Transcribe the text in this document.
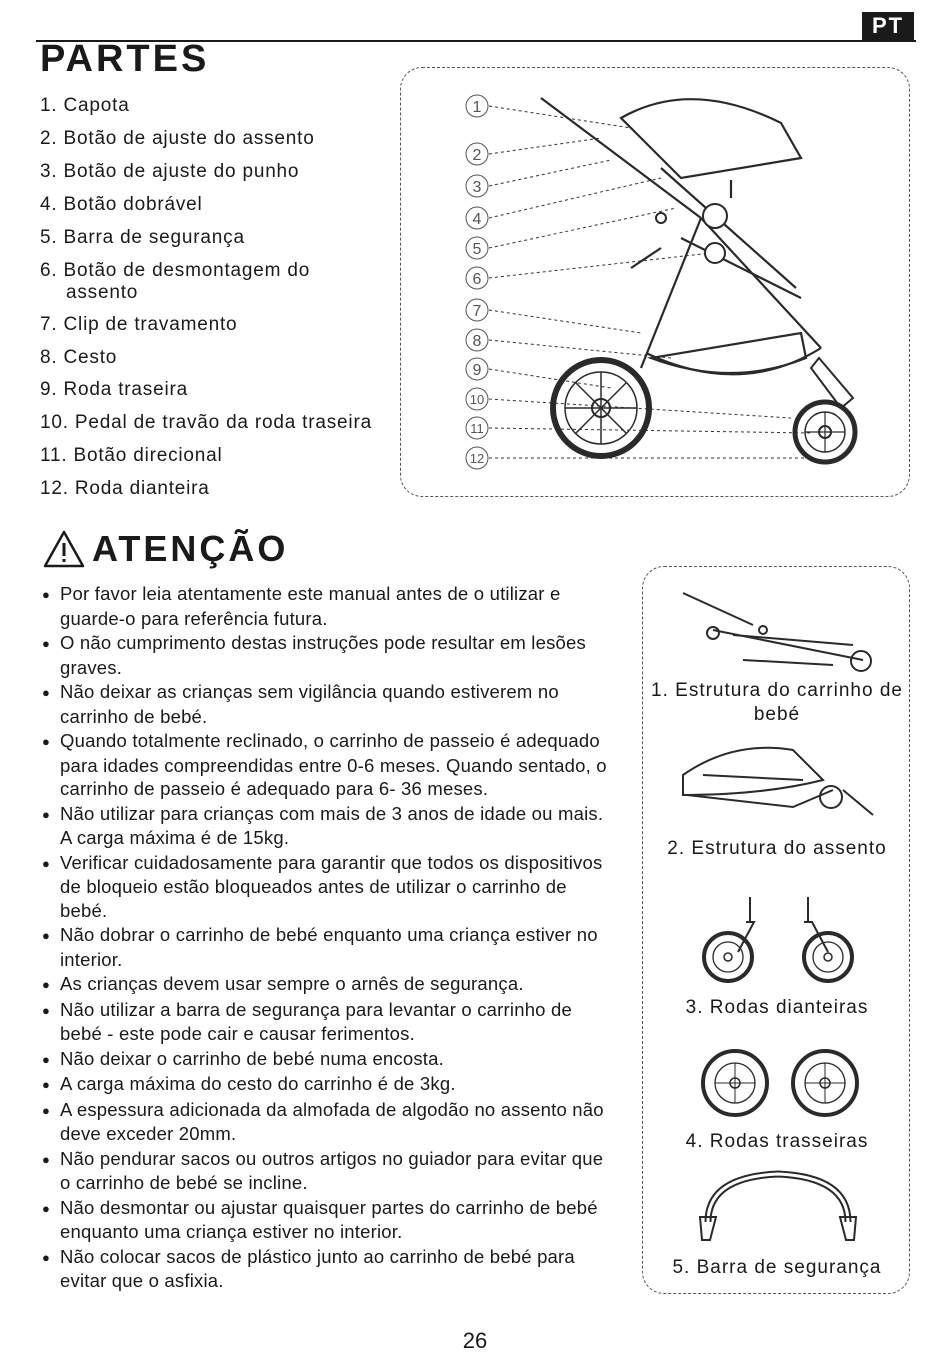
PT
PARTES
1. Capota
2. Botão de ajuste do assento
3. Botão de ajuste do punho
4. Botão dobrável
5. Barra de segurança
6. Botão de desmontagem do
assento
7. Clip de travamento
8. Cesto
9. Roda traseira
10. Pedal de travão da roda traseira
11. Botão direcional
12. Roda dianteira
1
2
3
4
5
6
7
8
9
10
11
12
ATENÇÃO
● Por favor leia atentamente este manual antes de o utilizar e guarde-o para referência futura.
● O não cumprimento destas instruções pode resultar em lesões graves.
● Não deixar as crianças sem vigilância quando estiverem no carrinho de bebé.
● Quando totalmente reclinado, o carrinho de passeio é adequado para idades compreendidas entre 0-6 meses. Quando sentado, o carrinho de passeio é adequado para 6- 36 meses.
● Não utilizar para crianças com mais de 3 anos de idade ou mais. A carga máxima é de 15kg.
● Verificar cuidadosamente para garantir que todos os dispositivos de bloqueio estão bloqueados antes de utilizar o carrinho de bebé.
● Não dobrar o carrinho de bebé enquanto uma criança estiver no interior.
● As crianças devem usar sempre o arnês de segurança.
● Não utilizar a barra de segurança para levantar o carrinho de bebé - este pode cair e causar ferimentos.
● Não deixar o carrinho de bebé numa encosta.
● A carga máxima do cesto do carrinho é de 3kg.
● A espessura adicionada da almofada de algodão no assento não deve exceder 20mm.
● Não pendurar sacos ou outros artigos no guiador para evitar que o carrinho de bebé se incline.
● Não desmontar ou ajustar quaisquer partes do carrinho de bebé enquanto uma criança estiver no interior.
● Não colocar sacos de plástico junto ao carrinho de bebé para evitar que o asfixia.
1. Estrutura do carrinho de bebé
2. Estrutura do assento
3. Rodas dianteiras
4. Rodas trasseiras
5. Barra de segurança
26
